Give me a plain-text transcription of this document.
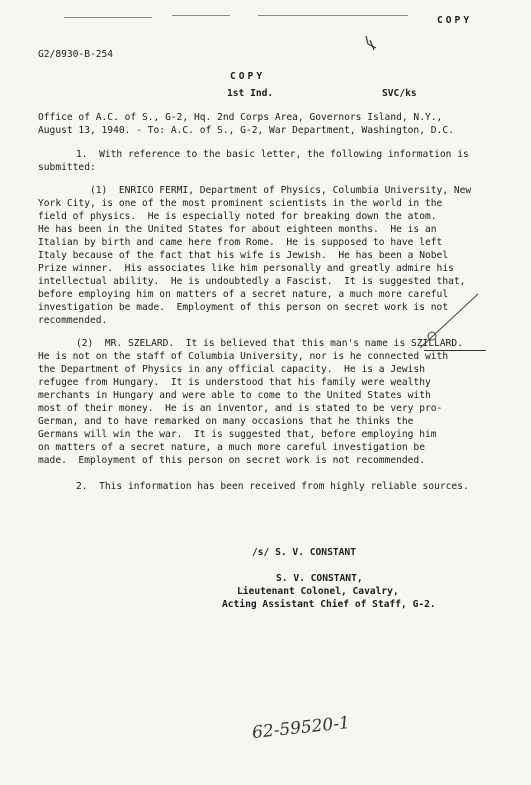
COPY
G2/8930-B-254
COPY
1st Ind.	SVC/ks
Office of A.C. of S., G-2, Hq. 2nd Corps Area, Governors Island, N.Y.,
August 13, 1940. - To: A.C. of S., G-2, War Department, Washington, D.C.
1.  With reference to the basic letter, the following information is
submitted:
(1)  ENRICO FERMI, Department of Physics, Columbia University, New
York City, is one of the most prominent scientists in the world in the
field of physics.  He is especially noted for breaking down the atom.
He has been in the United States for about eighteen months.  He is an
Italian by birth and came here from Rome.  He is supposed to have left
Italy because of the fact that his wife is Jewish.  He has been a Nobel
Prize winner.  His associates like him personally and greatly admire his
intellectual ability.  He is undoubtedly a Fascist.  It is suggested that,
before employing him on matters of a secret nature, a much more careful
investigation be made.  Employment of this person on secret work is not
recommended.
(2)  MR. SZELARD.  It is believed that this man's name is SZILLARD.
He is not on the staff of Columbia University, nor is he connected with
the Department of Physics in any official capacity.  He is a Jewish
refugee from Hungary.  It is understood that his family were wealthy
merchants in Hungary and were able to come to the United States with
most of their money.  He is an inventor, and is stated to be very pro-
German, and to have remarked on many occasions that he thinks the
Germans will win the war.  It is suggested that, before employing him
on matters of a secret nature, a much more careful investigation be
made.  Employment of this person on secret work is not recommended.
2.  This information has been received from highly reliable sources.
/s/ S. V. CONSTANT
S. V. CONSTANT,
Lieutenant Colonel, Cavalry,
Acting Assistant Chief of Staff, G-2.
62-59520-1
